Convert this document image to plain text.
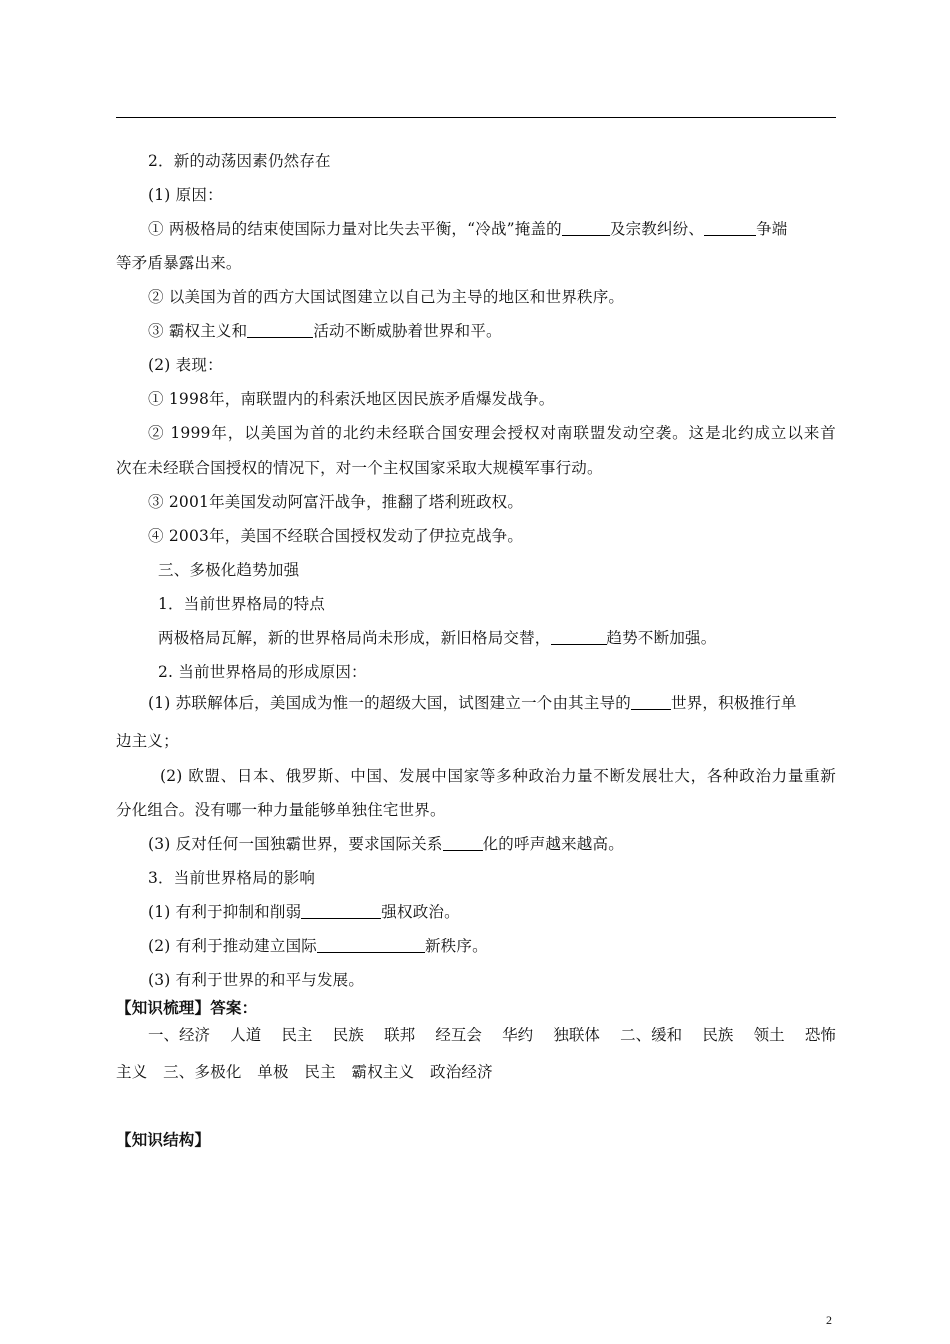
2．新的动荡因素仍然存在
(1) 原因：
① 两极格局的结束使国际力量对比失去平衡，“冷战”掩盖的	及宗教纠纷、	争端
等矛盾暴露出来。
② 以美国为首的西方大国试图建立以自己为主导的地区和世界秩序。
③ 霸权主义和	活动不断威胁着世界和平。
(2) 表现：
① 1998年，南联盟内的科索沃地区因民族矛盾爆发战争。
② 1999年，以美国为首的北约未经联合国安理会授权对南联盟发动空袭。这是北约成立以来首
次在未经联合国授权的情况下，对一个主权国家采取大规模军事行动。
③ 2001年美国发动阿富汗战争，推翻了塔利班政权。
④ 2003年，美国不经联合国授权发动了伊拉克战争。
三、多极化趋势加强
1．当前世界格局的特点
两极格局瓦解，新的世界格局尚未形成，新旧格局交替，	趋势不断加强。
2. 当前世界格局的形成原因：
(1) 苏联解体后，美国成为惟一的超级大国，试图建立一个由其主导的	世界，积极推行单
边主义；
(2) 欧盟、日本、俄罗斯、中国、发展中国家等多种政治力量不断发展壮大，各种政治力量重新
分化组合。没有哪一种力量能够单独住宅世界。
(3) 反对任何一国独霸世界，要求国际关系	化的呼声越来越高。
3．当前世界格局的影响
(1) 有利于抑制和削弱	强权政治。
(2) 有利于推动建立国际	新秩序。
(3) 有利于世界的和平与发展。
【知识梳理】答案：
一、经济 人道 民主 民族 联邦 经互会 华约 独联体 二、缓和 民族 领土 恐怖
主义　三、多极化　单极　民主　霸权主义　政治经济
【知识结构】
2
